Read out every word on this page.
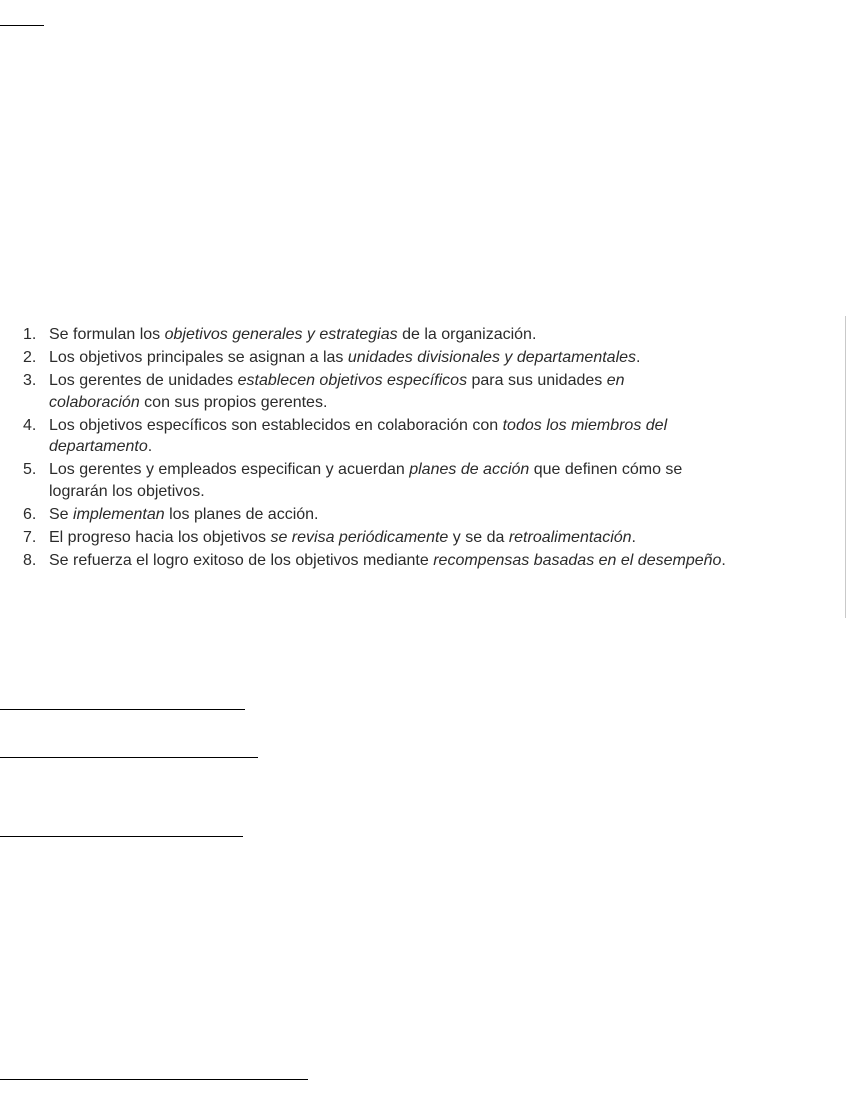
1. Se formulan los objetivos generales y estrategias de la organización.
2. Los objetivos principales se asignan a las unidades divisionales y departamentales.
3. Los gerentes de unidades establecen objetivos específicos para sus unidades en
colaboración con sus propios gerentes.
4. Los objetivos específicos son establecidos en colaboración con todos los miembros del
departamento.
5. Los gerentes y empleados especifican y acuerdan planes de acción que definen cómo se
lograrán los objetivos.
6. Se implementan los planes de acción.
7. El progreso hacia los objetivos se revisa periódicamente y se da retroalimentación.
8. Se refuerza el logro exitoso de los objetivos mediante recompensas basadas en el desempeño.
